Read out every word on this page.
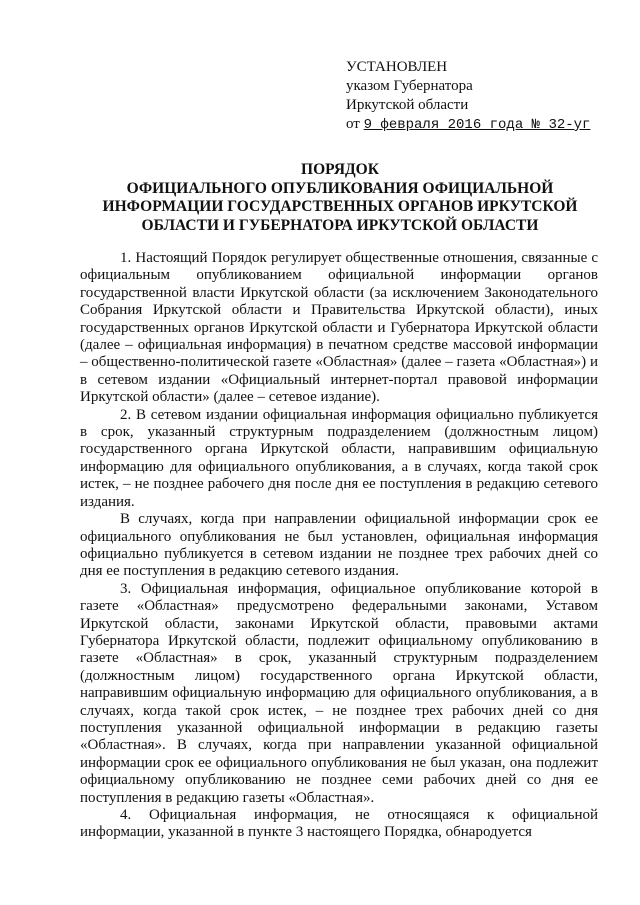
УСТАНОВЛЕН
указом Губернатора
Иркутской области
от 9 февраля 2016 года № 32-уг
ПОРЯДОК
ОФИЦИАЛЬНОГО ОПУБЛИКОВАНИЯ ОФИЦИАЛЬНОЙ
ИНФОРМАЦИИ ГОСУДАРСТВЕННЫХ ОРГАНОВ ИРКУТСКОЙ
ОБЛАСТИ И ГУБЕРНАТОРА ИРКУТСКОЙ ОБЛАСТИ

1. Настоящий Порядок регулирует общественные отношения, связанные с официальным опубликованием официальной информации органов государственной власти Иркутской области (за исключением Законодательного Собрания Иркутской области и Правительства Иркутской области), иных государственных органов Иркутской области и Губернатора Иркутской области (далее – официальная информация) в печатном средстве массовой информации – общественно-политической газете «Областная» (далее – газета «Областная») и в сетевом издании «Официальный интернет-портал правовой информации Иркутской области» (далее – сетевое издание).

2. В сетевом издании официальная информация официально публикуется в срок, указанный структурным подразделением (должностным лицом) государственного органа Иркутской области, направившим официальную информацию для официального опубликования, а в случаях, когда такой срок истек, – не позднее рабочего дня после дня ее поступления в редакцию сетевого издания.

В случаях, когда при направлении официальной информации срок ее официального опубликования не был установлен, официальная информация официально публикуется в сетевом издании не позднее трех рабочих дней со дня ее поступления в редакцию сетевого издания.

3. Официальная информация, официальное опубликование которой в газете «Областная» предусмотрено федеральными законами, Уставом Иркутской области, законами Иркутской области, правовыми актами Губернатора Иркутской области, подлежит официальному опубликованию в газете «Областная» в срок, указанный структурным подразделением (должностным лицом) государственного органа Иркутской области, направившим официальную информацию для официального опубликования, а в случаях, когда такой срок истек, – не позднее трех рабочих дней со дня поступления указанной официальной информации в редакцию газеты «Областная». В случаях, когда при направлении указанной официальной информации срок ее официального опубликования не был указан, она подлежит официальному опубликованию не позднее семи рабочих дней со дня ее поступления в редакцию газеты «Областная».

4. Официальная информация, не относящаяся к официальной информации, указанной в пункте 3 настоящего Порядка, обнародуется
